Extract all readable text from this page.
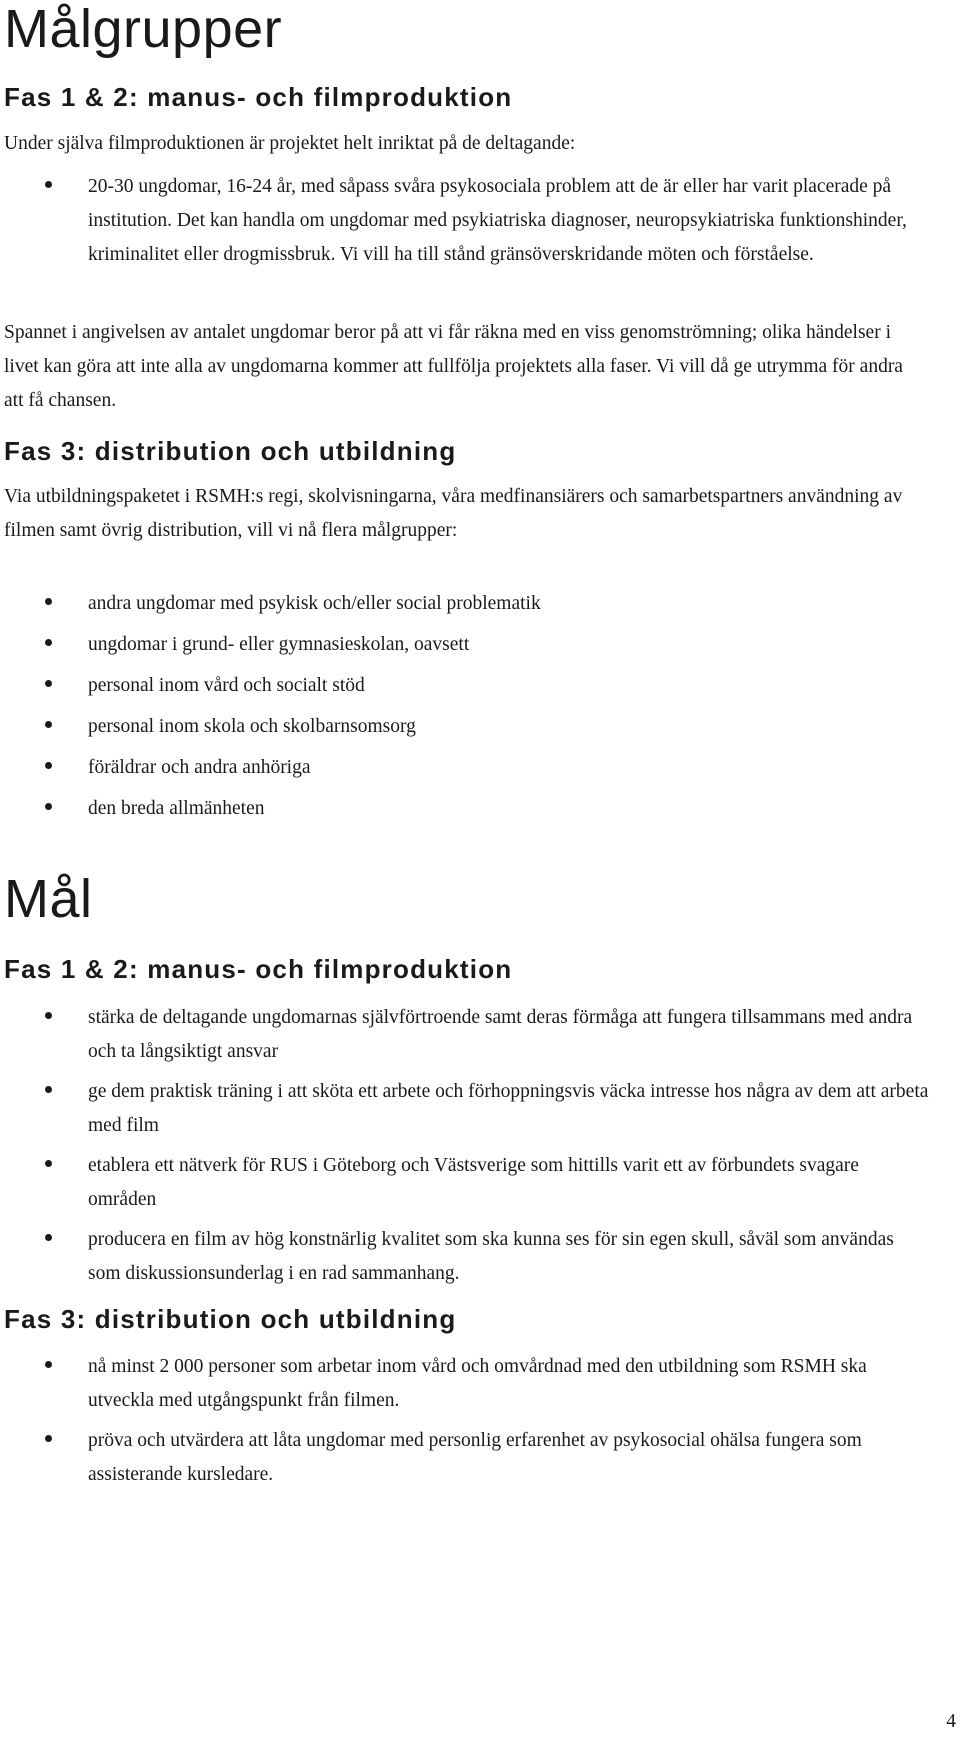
Målgrupper
Fas 1 & 2: manus- och filmproduktion

Under själva filmproduktionen är projektet helt inriktat på de deltagande:

20-30 ungdomar, 16-24 år, med såpass svåra psykosociala problem att de är eller har varit placerade på institution. Det kan handla om ungdomar med psykiatriska diagnoser, neuropsykiatriska funktionshinder, kriminalitet eller drogmissbruk. Vi vill ha till stånd gränsöverskridande möten och förståelse.

Spannet i angivelsen av antalet ungdomar beror på att vi får räkna med en viss genomströmning; olika händelser i livet kan göra att inte alla av ungdomarna kommer att fullfölja projektets alla faser. Vi vill då ge utrymma för andra att få chansen.

Fas 3: distribution och utbildning

Via utbildningspaketet i RSMH:s regi, skolvisningarna, våra medfinansiärers och samarbetspartners användning av filmen samt övrig distribution, vill vi nå flera målgrupper:

andra ungdomar med psykisk och/eller social problematik
ungdomar i grund- eller gymnasieskolan, oavsett
personal inom vård och socialt stöd
personal inom skola och skolbarnsomsorg
föräldrar och andra anhöriga
den breda allmänheten
Mål
Fas 1 & 2: manus- och filmproduktion
stärka de deltagande ungdomarnas självförtroende samt deras förmåga att fungera tillsammans med andra och ta långsiktigt ansvar
ge dem praktisk träning i att sköta ett arbete och förhoppningsvis väcka intresse hos några av dem att arbeta med film
etablera ett nätverk för RUS i Göteborg och Västsverige som hittills varit ett av förbundets svagare områden
producera en film av hög konstnärlig kvalitet som ska kunna ses för sin egen skull, såväl som användas som diskussionsunderlag i en rad sammanhang.
Fas 3: distribution och utbildning
nå minst 2 000 personer som arbetar inom vård och omvårdnad med den utbildning som RSMH ska utveckla med utgångspunkt från filmen.
pröva och utvärdera att låta ungdomar med personlig erfarenhet av psykosocial ohälsa fungera som assisterande kursledare.
4
